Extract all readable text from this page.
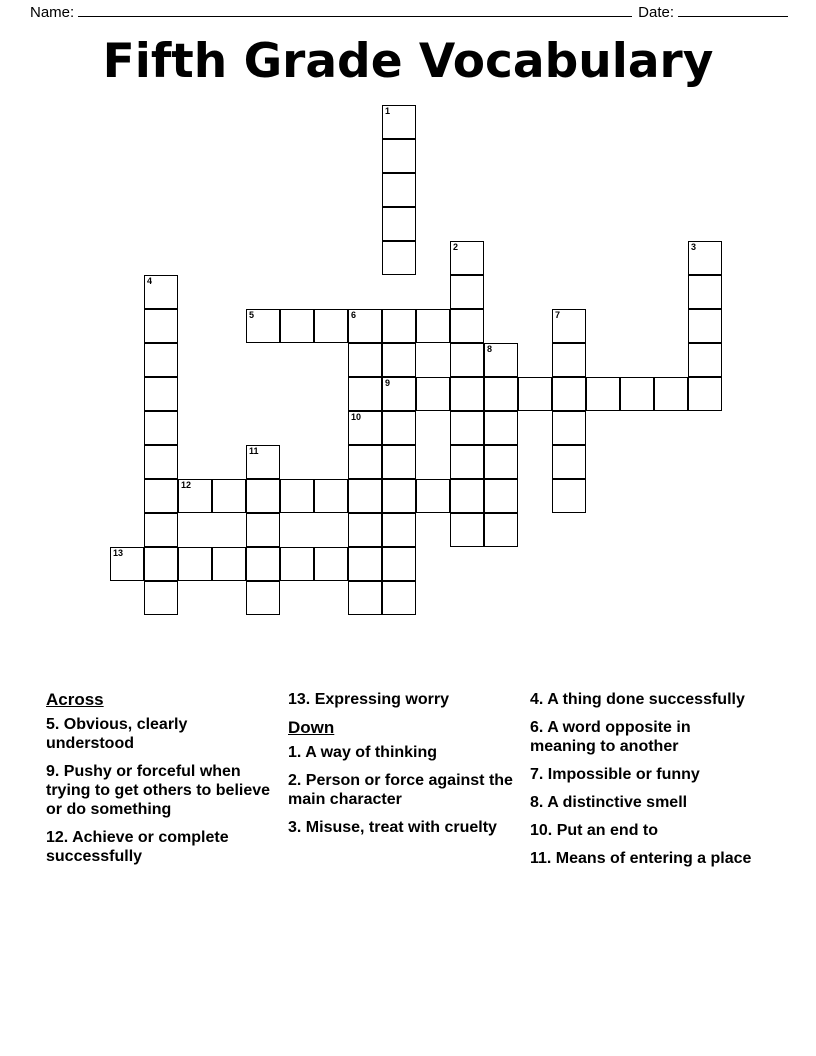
Name:	Date:
Fifth Grade Vocabulary
1
2	3
4
5	6	7
8
9
10
11
12
13
Across
5. Obvious, clearly understood
9. Pushy or forceful when trying to get others to believe or do something
12. Achieve or complete successfully
13. Expressing worry
Down
1. A way of thinking
2. Person or force against the main character
3. Misuse, treat with cruelty
4. A thing done successfully
6. A word opposite in meaning to another
7. Impossible or funny
8. A distinctive smell
10. Put an end to
11. Means of entering a place
